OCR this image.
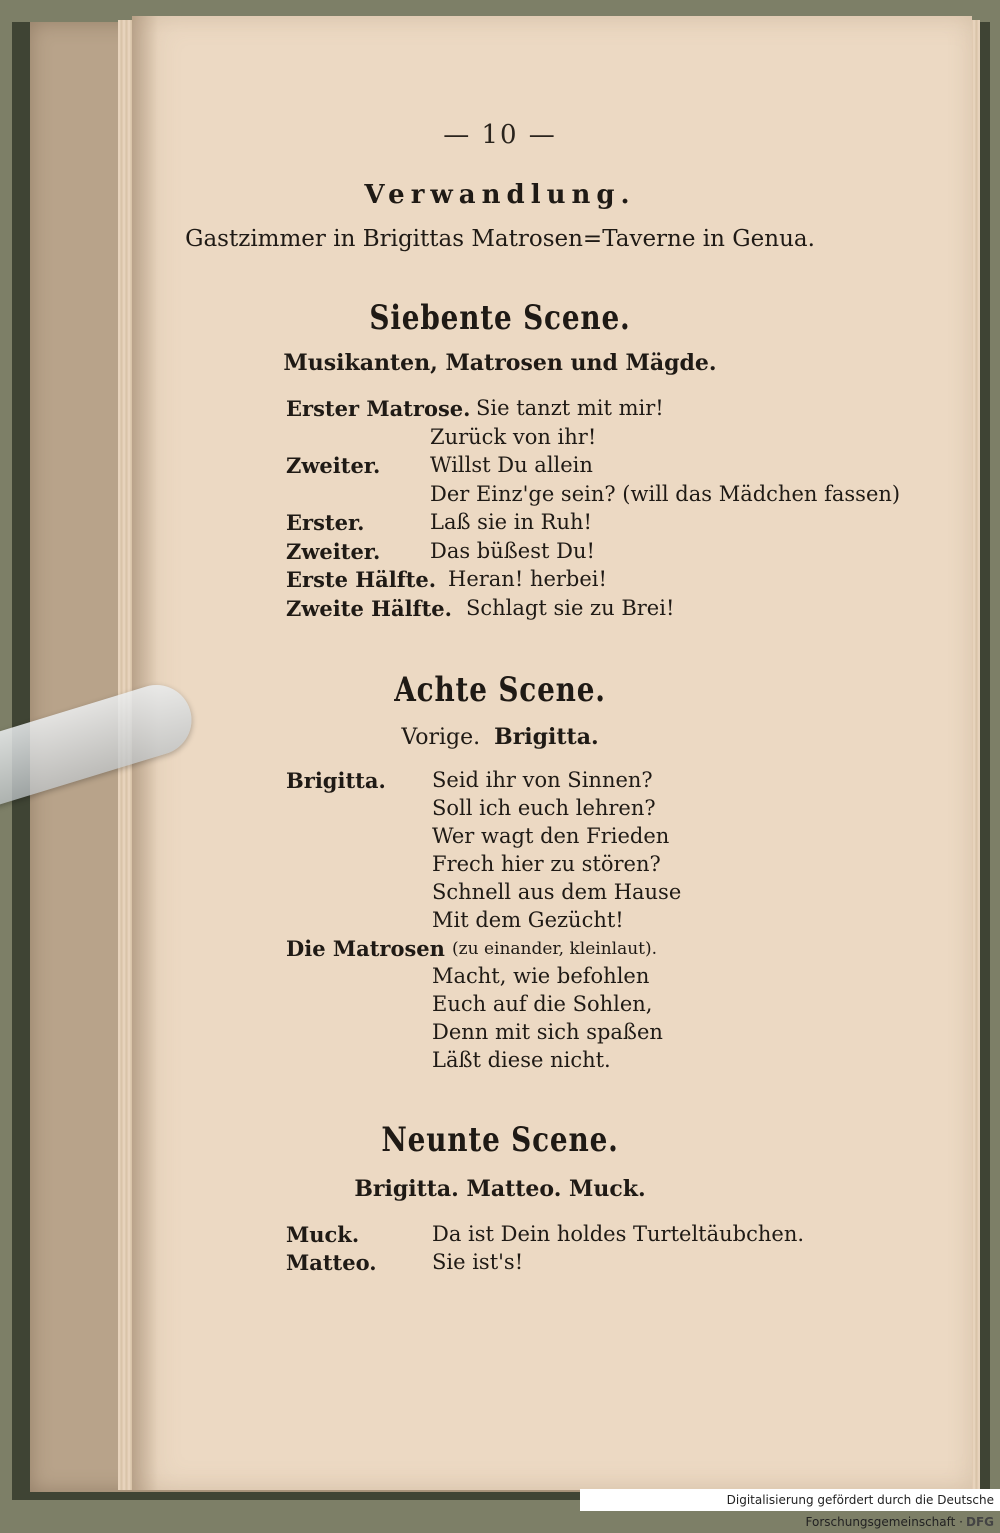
— 10 —
Verwandlung.
Gastzimmer in Brigittas Matrosen=Taverne in Genua.
Siebente Scene.
Musikanten, Matrosen und Mägde.
Erster Matrose. Sie tanzt mit mir!
Zurück von ihr!
Zweiter. Willst Du allein
Der Einz'ge sein? (will das Mädchen fassen)
Erster.	Laß sie in Ruh!
Zweiter. Das büßest Du!
Erste Hälfte. Heran! herbei!
Zweite Hälfte. Schlagt sie zu Brei!
Achte Scene.
Vorige. Brigitta.
Brigitta. Seid ihr von Sinnen?
Soll ich euch lehren?
Wer wagt den Frieden
Frech hier zu stören?
Schnell aus dem Hause
Mit dem Gezücht!
Die Matrosen (zu einander, kleinlaut).
Macht, wie befohlen
Euch auf die Sohlen,
Denn mit sich spaßen
Läßt diese nicht.
Neunte Scene.
Brigitta. Matteo. Muck.
Muck.	Da ist Dein holdes Turteltäubchen.
Matteo.	Sie ist's!
Digitalisierung gefördert durch die Deutsche Forschungsgemeinschaft · DFG
